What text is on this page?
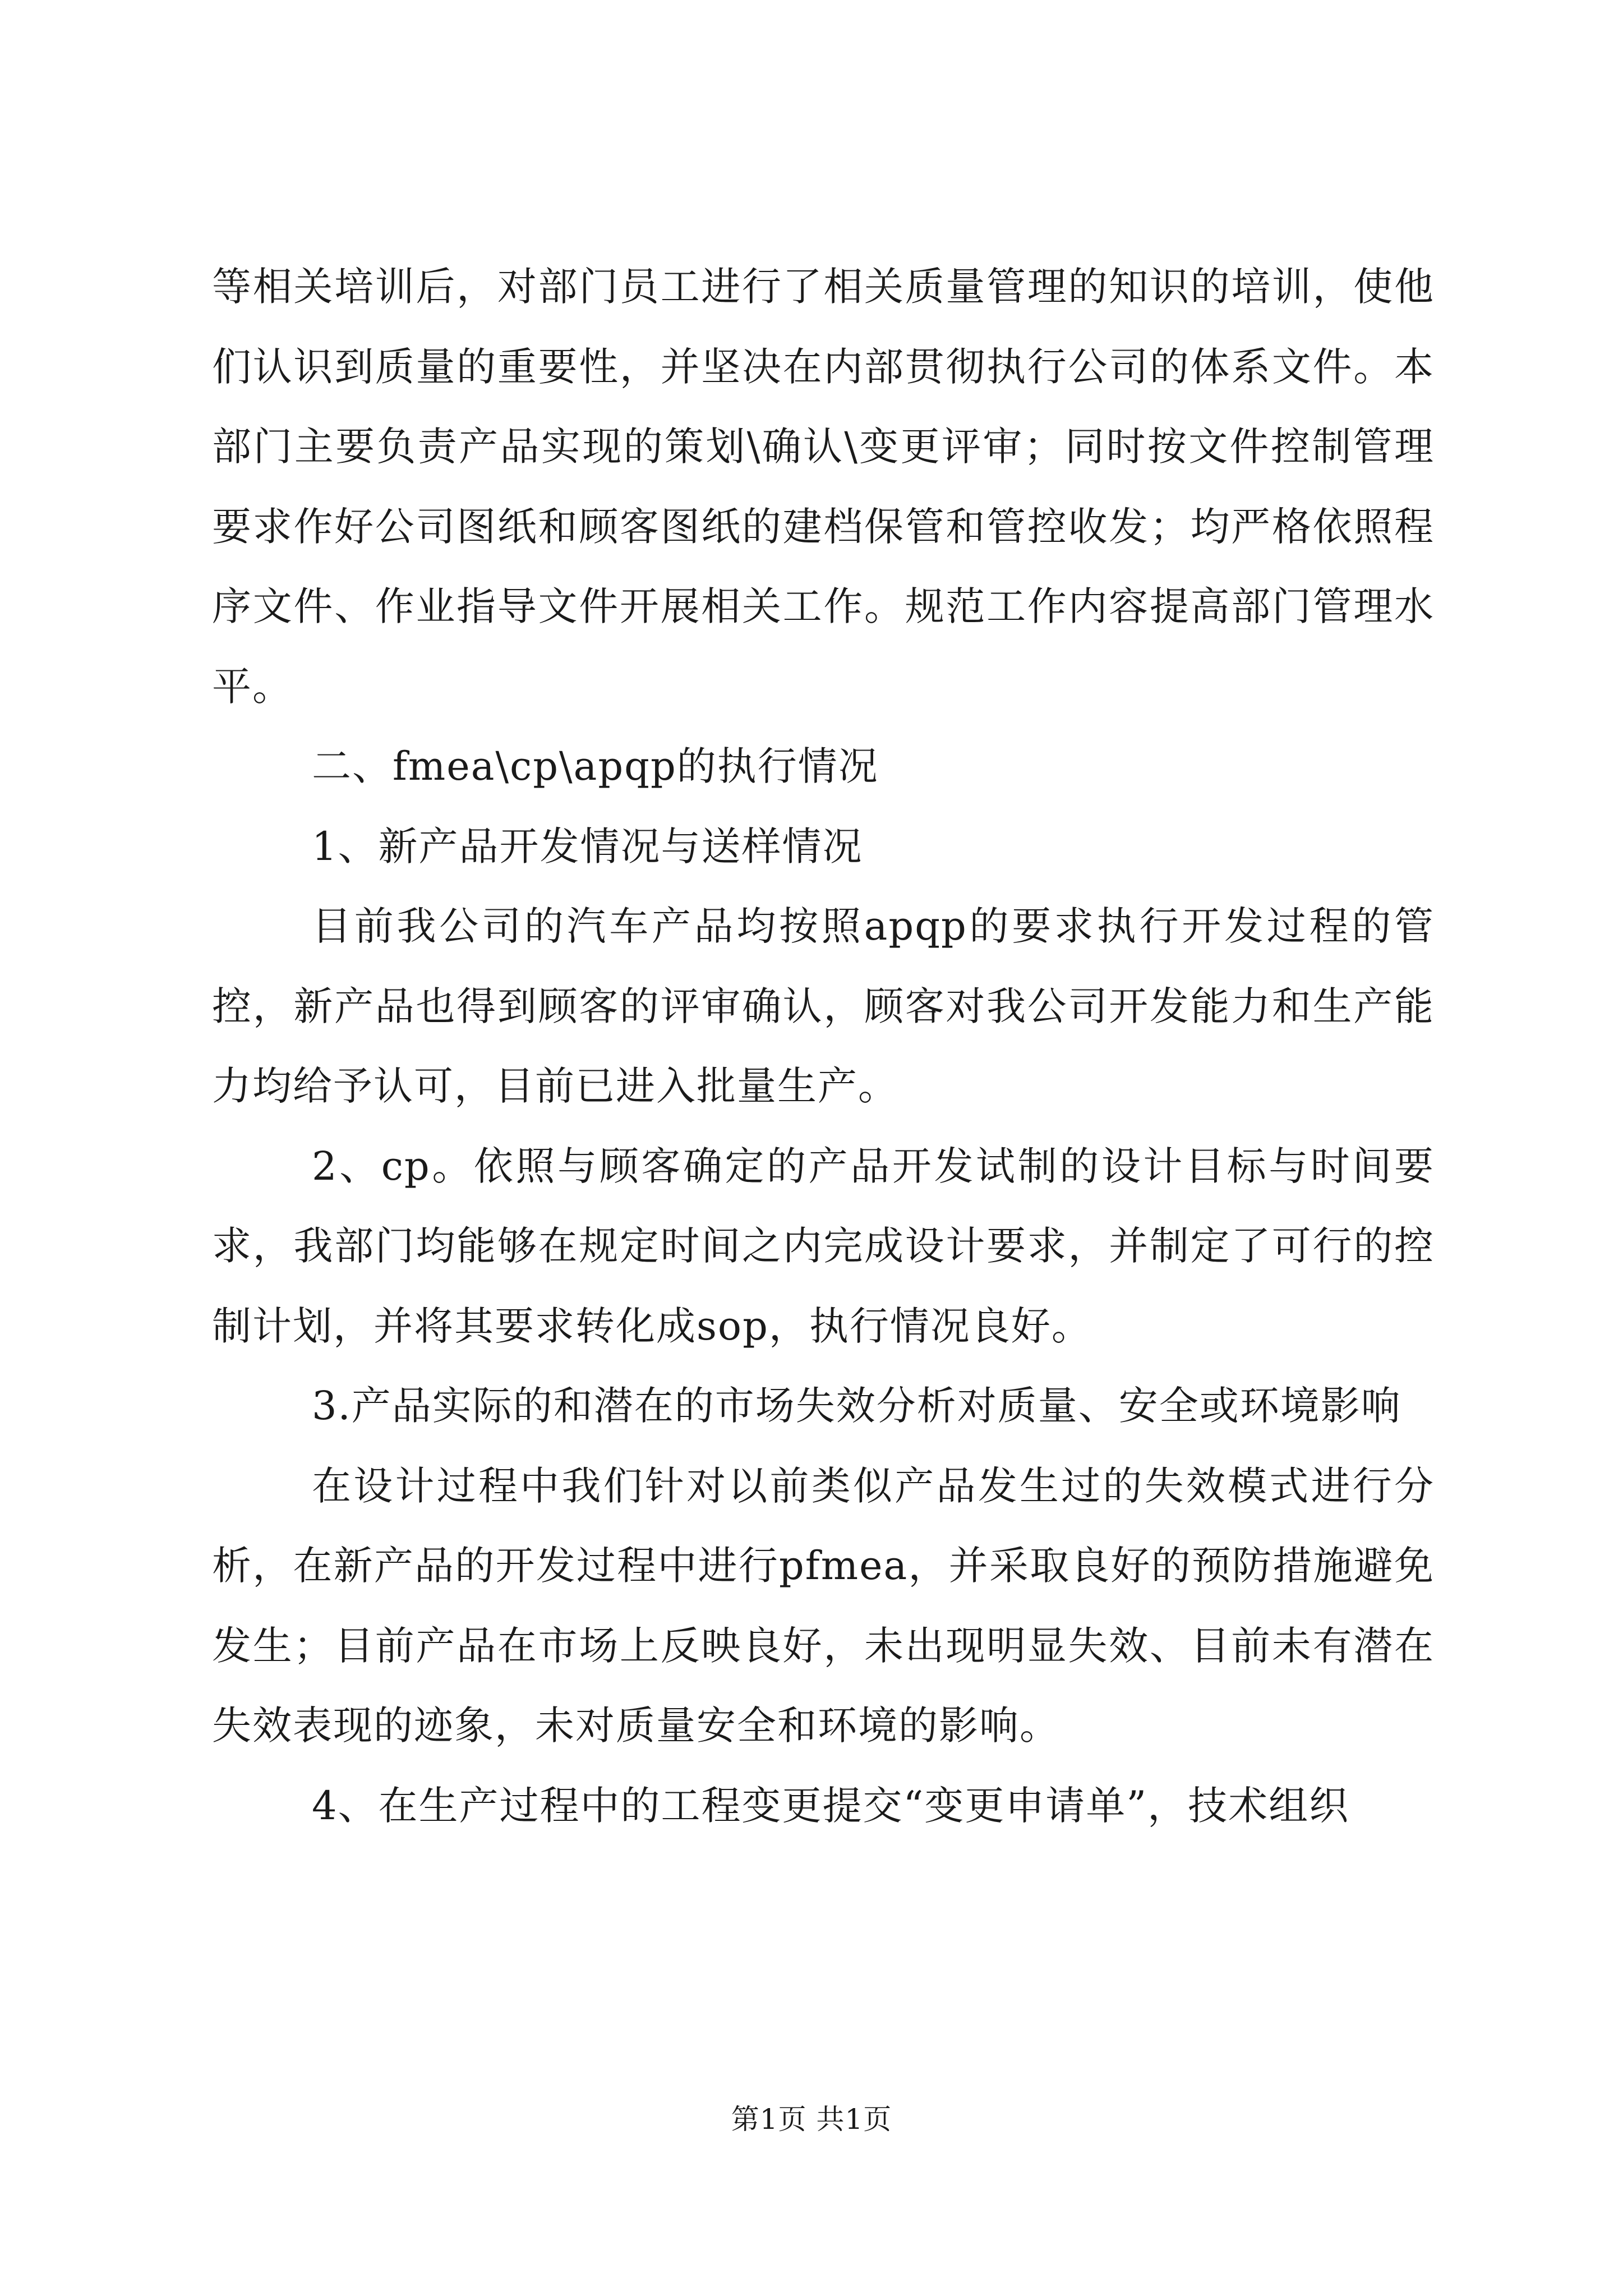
等相关培训后，对部门员工进行了相关质量管理的知识的培训，使他们认识到质量的重要性，并坚决在内部贯彻执行公司的体系文件。本部门主要负责产品实现的策划\确认\变更评审；同时按文件控制管理要求作好公司图纸和顾客图纸的建档保管和管控收发；均严格依照程序文件、作业指导文件开展相关工作。规范工作内容提高部门管理水平。

二、fmea\cp\apqp的执行情况

1、新产品开发情况与送样情况

目前我公司的汽车产品均按照apqp的要求执行开发过程的管控，新产品也得到顾客的评审确认，顾客对我公司开发能力和生产能力均给予认可，目前已进入批量生产。

2、cp。依照与顾客确定的产品开发试制的设计目标与时间要求，我部门均能够在规定时间之内完成设计要求，并制定了可行的控制计划，并将其要求转化成sop，执行情况良好。

3.产品实际的和潜在的市场失效分析对质量、安全或环境影响

在设计过程中我们针对以前类似产品发生过的失效模式进行分析，在新产品的开发过程中进行pfmea，并采取良好的预防措施避免发生；目前产品在市场上反映良好，未出现明显失效、目前未有潜在失效表现的迹象，未对质量安全和环境的影响。

4、在生产过程中的工程变更提交“变更申请单”，技术组织

第1页 共1页
